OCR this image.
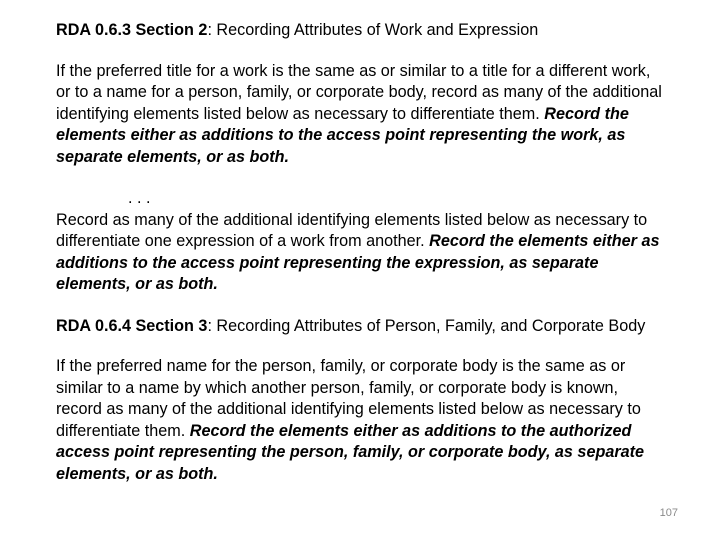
RDA 0.6.3 Section 2: Recording Attributes of Work and Expression

If the preferred title for a work is the same as or similar to a title for a different work, or to a name for a person, family, or corporate body, record as many of the additional identifying elements listed below as necessary to differentiate them. Record the elements either as additions to the access point representing the work, as separate elements, or as both.

. . .

Record as many of the additional identifying elements listed below as necessary to differentiate one expression of a work from another. Record the elements either as additions to the access point representing the expression, as separate elements, or as both.

RDA 0.6.4 Section 3: Recording Attributes of Person, Family, and Corporate Body

If the preferred name for the person, family, or corporate body is the same as or similar to a name by which another person, family, or corporate body is known, record as many of the additional identifying elements listed below as necessary to differentiate them. Record the elements either as additions to the authorized access point representing the person, family, or corporate body, as separate elements, or as both.

107
